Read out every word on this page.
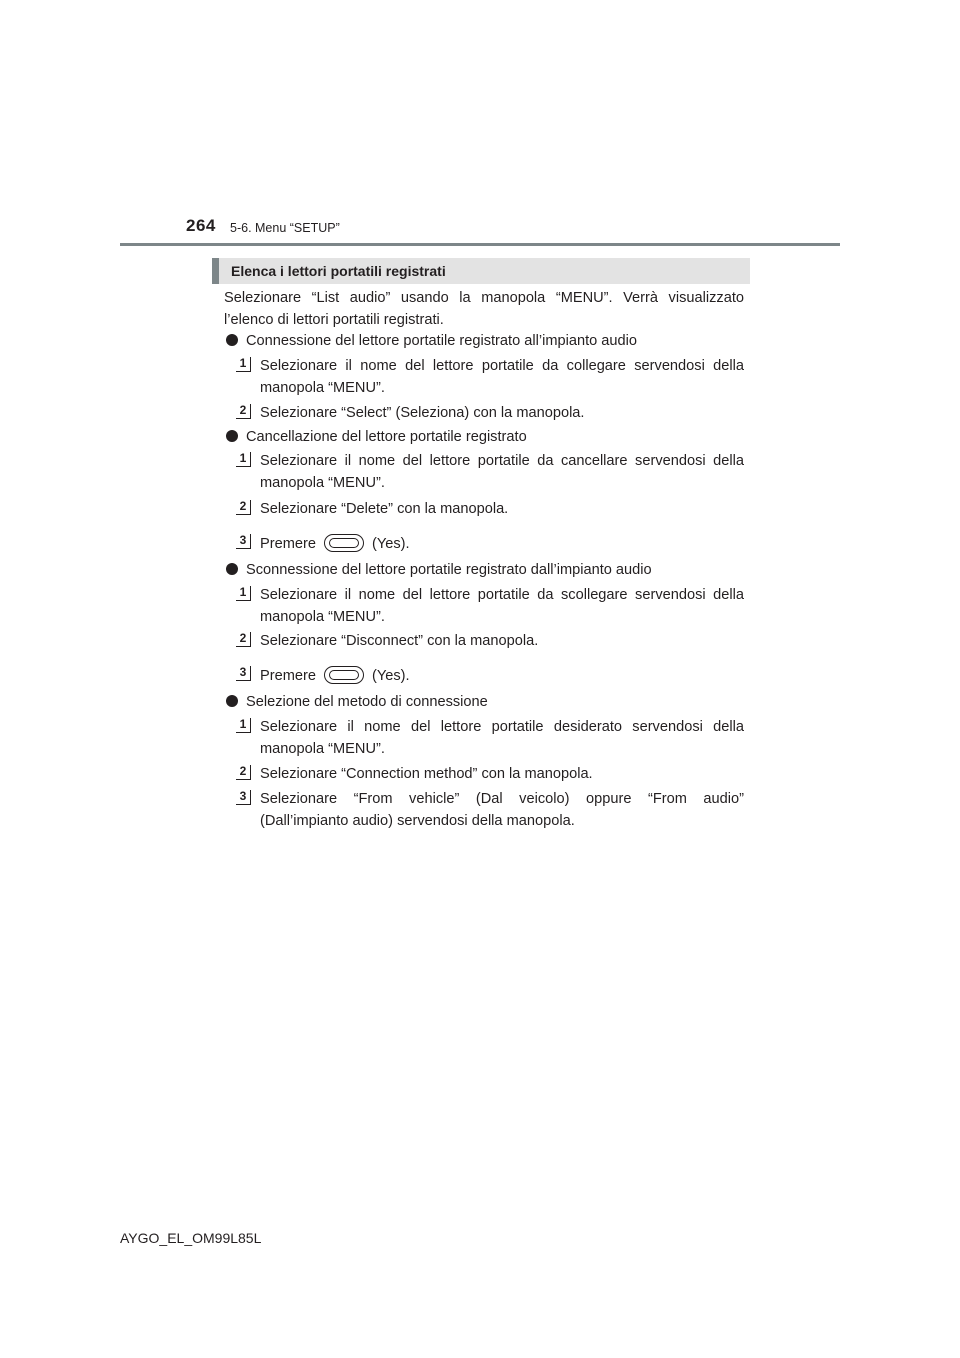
264 5-6. Menu “SETUP”
Elenca i lettori portatili registrati

Selezionare “List audio” usando la manopola “MENU”. Verrà visualizzato l’elenco di lettori portatili registrati.

Connessione del lettore portatile registrato all’impianto audio
1 Selezionare il nome del lettore portatile da collegare servendosi della manopola “MENU”.

2 Selezionare “Select” (Seleziona) con la manopola.

Cancellazione del lettore portatile registrato
1 Selezionare il nome del lettore portatile da cancellare servendosi della manopola “MENU”.

2 Selezionare “Delete” con la manopola.

3 Premere	(Yes).
Sconnessione del lettore portatile registrato dall’impianto audio
1 Selezionare il nome del lettore portatile da scollegare servendosi della manopola “MENU”.

2 Selezionare “Disconnect” con la manopola.

3 Premere	(Yes).
Selezione del metodo di connessione
1 Selezionare il nome del lettore portatile desiderato servendosi della manopola “MENU”.

2 Selezionare “Connection method” con la manopola.

3 Selezionare “From vehicle” (Dal veicolo) oppure “From audio” (Dall’impianto audio) servendosi della manopola.

AYGO_EL_OM99L85L
